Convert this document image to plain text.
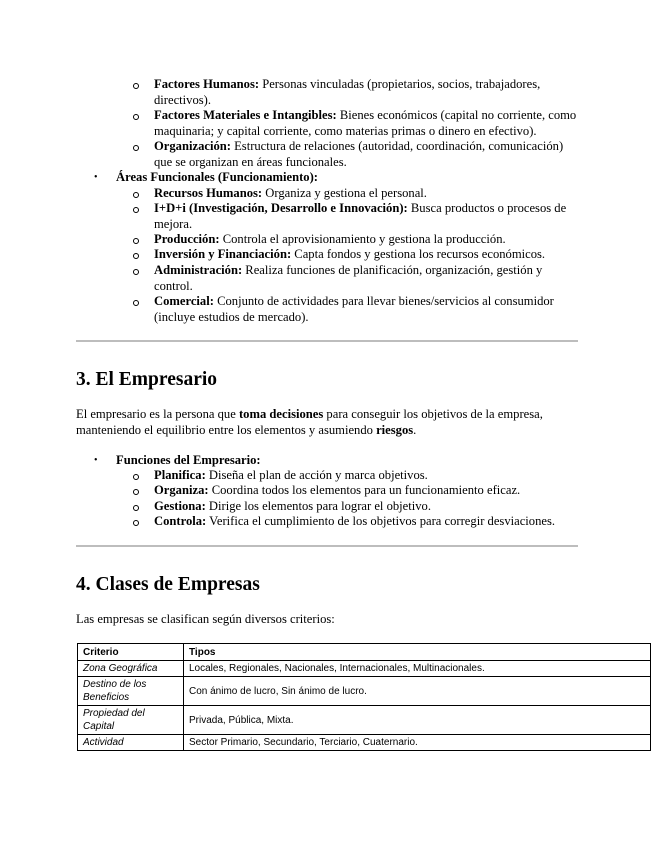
Factores Humanos: Personas vinculadas (propietarios, socios, trabajadores, directivos).
Factores Materiales e Intangibles: Bienes económicos (capital no corriente, como maquinaria; y capital corriente, como materias primas o dinero en efectivo).
Organización: Estructura de relaciones (autoridad, coordinación, comunicación) que se organizan en áreas funcionales.
• Áreas Funcionales (Funcionamiento):
Recursos Humanos: Organiza y gestiona el personal.
I+D+i (Investigación, Desarrollo e Innovación): Busca productos o procesos de mejora.
Producción: Controla el aprovisionamiento y gestiona la producción.
Inversión y Financiación: Capta fondos y gestiona los recursos económicos.
Administración: Realiza funciones de planificación, organización, gestión y control.
Comercial: Conjunto de actividades para llevar bienes/servicios al consumidor (incluye estudios de mercado).
3. El Empresario
El empresario es la persona que toma decisiones para conseguir los objetivos de la empresa, manteniendo el equilibrio entre los elementos y asumiendo riesgos.
• Funciones del Empresario:
Planifica: Diseña el plan de acción y marca objetivos.
Organiza: Coordina todos los elementos para un funcionamiento eficaz.
Gestiona: Dirige los elementos para lograr el objetivo.
Controla: Verifica el cumplimiento de los objetivos para corregir desviaciones.
4. Clases de Empresas
Las empresas se clasifican según diversos criterios:
Criterio	Tipos
Zona Geográfica	Locales, Regionales, Nacionales, Internacionales, Multinacionales.
Destino de los Beneficios	Con ánimo de lucro, Sin ánimo de lucro.
Propiedad del Capital	Privada, Pública, Mixta.
Actividad	Sector Primario, Secundario, Terciario, Cuaternario.
